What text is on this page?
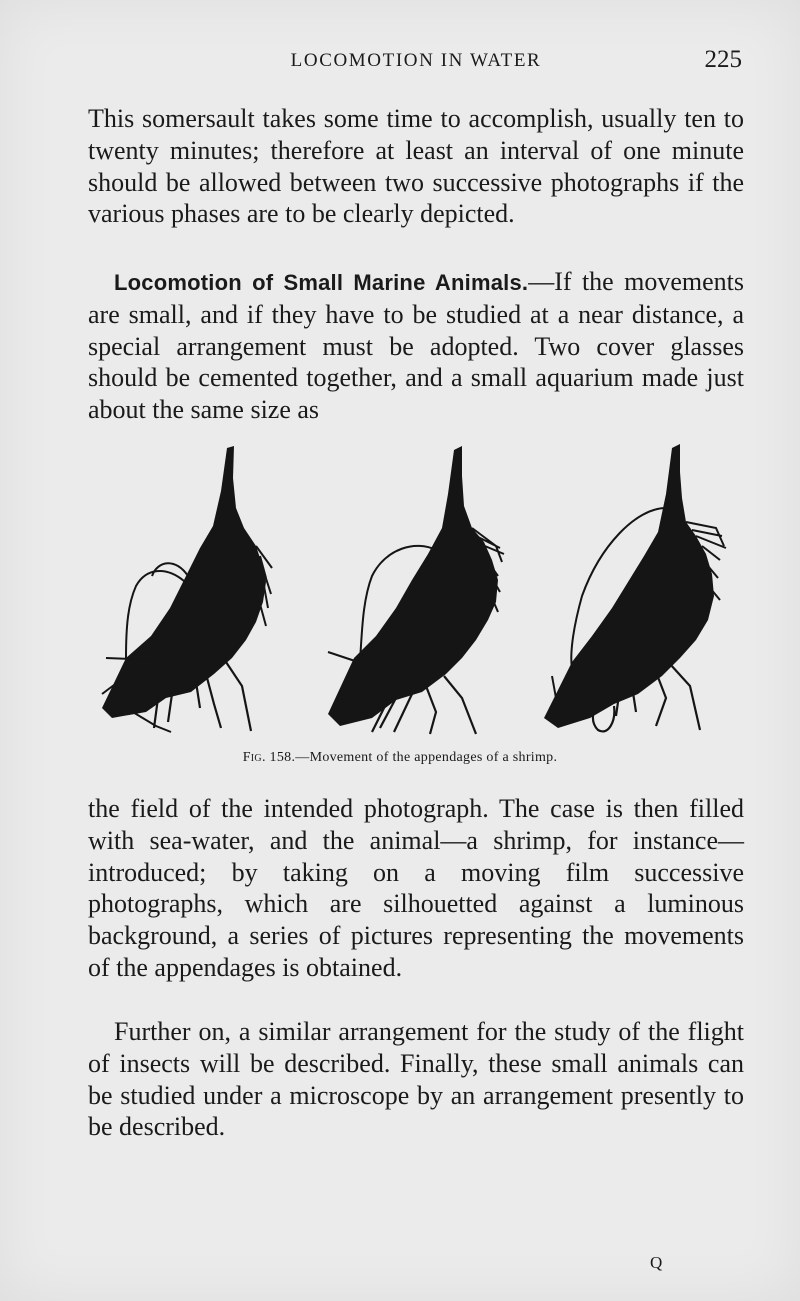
LOCOMOTION IN WATER	225

This somersault takes some time to accomplish, usually ten to twenty minutes; therefore at least an interval of one minute should be allowed between two successive photographs if the various phases are to be clearly depicted.

Locomotion of Small Marine Animals.—If the movements are small, and if they have to be studied at a near distance, a special arrangement must be adopted. Two cover glasses should be cemented together, and a small aquarium made just about the same size as

Fig. 158.—Movement of the appendages of a shrimp.

the field of the intended photograph. The case is then filled with sea-water, and the animal—a shrimp, for instance—introduced; by taking on a moving film successive photographs, which are silhouetted against a luminous background, a series of pictures representing the movements of the appendages is obtained.

Further on, a similar arrangement for the study of the flight of insects will be described. Finally, these small animals can be studied under a microscope by an arrangement presently to be described.

Q
